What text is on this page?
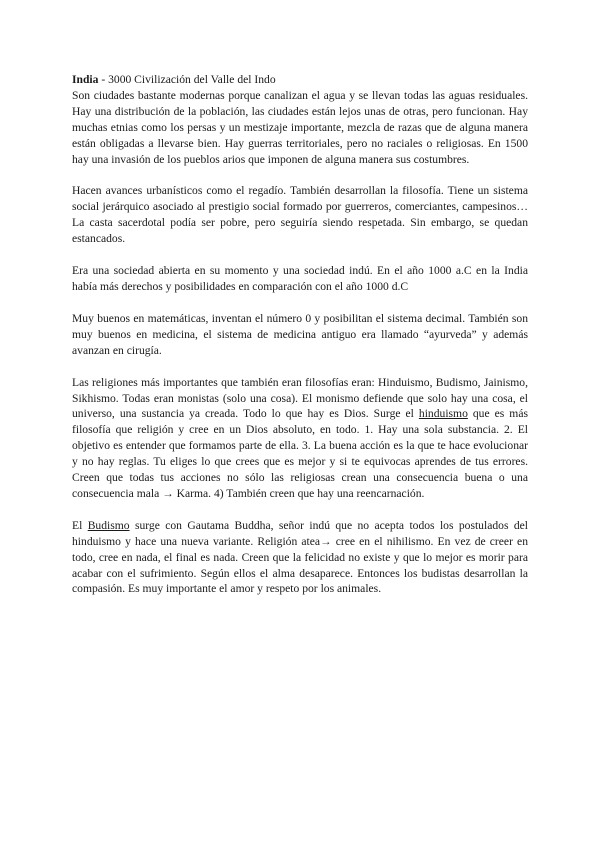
India - 3000 Civilización del Valle del Indo

Son ciudades bastante modernas porque canalizan el agua y se llevan todas las aguas residuales. Hay una distribución de la población, las ciudades están lejos unas de otras, pero funcionan. Hay muchas etnias como los persas y un mestizaje importante, mezcla de razas que de alguna manera están obligadas a llevarse bien. Hay guerras territoriales, pero no raciales o religiosas. En 1500 hay una invasión de los pueblos arios que imponen de alguna manera sus costumbres.

Hacen avances urbanísticos como el regadío. También desarrollan la filosofía. Tiene un sistema social jerárquico asociado al prestigio social formado por guerreros, comerciantes, campesinos… La casta sacerdotal podía ser pobre, pero seguiría siendo respetada. Sin embargo, se quedan estancados.

Era una sociedad abierta en su momento y una sociedad indú. En el año 1000 a.C en la India había más derechos y posibilidades en comparación con el año 1000 d.C

Muy buenos en matemáticas, inventan el número 0 y posibilitan el sistema decimal. También son muy buenos en medicina, el sistema de medicina antiguo era llamado “ayurveda” y además avanzan en cirugía.

Las religiones más importantes que también eran filosofías eran: Hinduismo, Budismo, Jainismo, Sikhismo. Todas eran monistas (solo una cosa). El monismo defiende que solo hay una cosa, el universo, una sustancia ya creada. Todo lo que hay es Dios. Surge el hinduismo que es más filosofía que religión y cree en un Dios absoluto, en todo. 1. Hay una sola substancia. 2. El objetivo es entender que formamos parte de ella. 3. La buena acción es la que te hace evolucionar y no hay reglas. Tu eliges lo que crees que es mejor y si te equivocas aprendes de tus errores. Creen que todas tus acciones no sólo las religiosas crean una consecuencia buena o una consecuencia mala → Karma. 4) También creen que hay una reencarnación.

El Budismo surge con Gautama Buddha, señor indú que no acepta todos los postulados del hinduismo y hace una nueva variante. Religión atea→ cree en el nihilismo. En vez de creer en todo, cree en nada, el final es nada. Creen que la felicidad no existe y que lo mejor es morir para acabar con el sufrimiento. Según ellos el alma desaparece. Entonces los budistas desarrollan la compasión. Es muy importante el amor y respeto por los animales.
